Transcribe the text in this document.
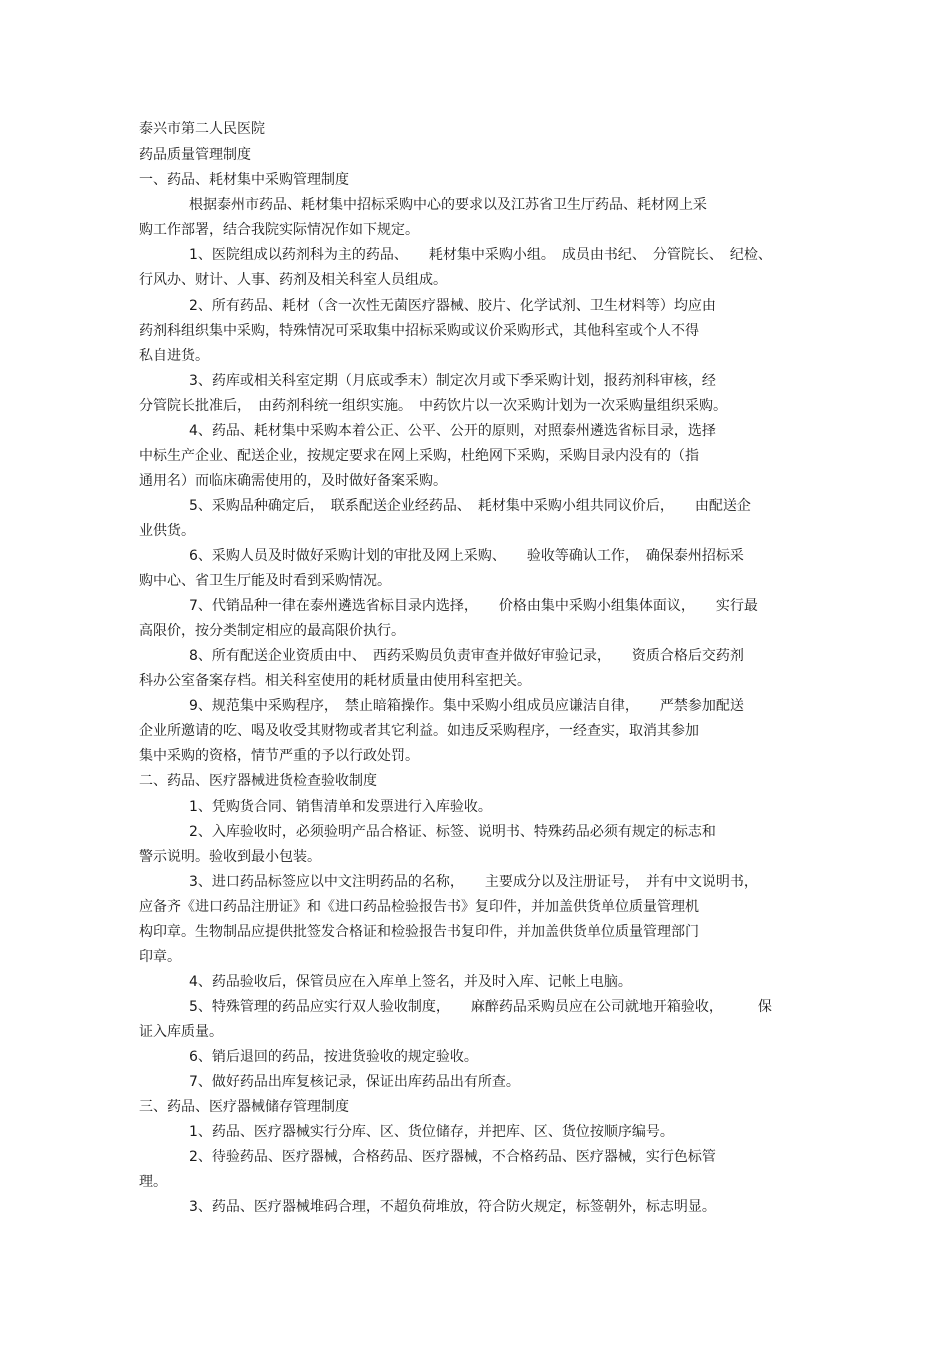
泰兴市第二人民医院
药品质量管理制度
一、药品、耗材集中采购管理制度
根据泰州市药品、耗材集中招标采购中心的要求以及江苏省卫生厅药品、耗材网上采
购工作部署，结合我院实际情况作如下规定。
1、医院组成以药剂科为主的药品、　　耗材集中采购小组。　成员由书纪、　分管院长、　纪检、
行风办、财计、人事、药剂及相关科室人员组成。
2、所有药品、耗材（含一次性无菌医疗器械、胶片、化学试剂、卫生材料等）均应由
药剂科组织集中采购，特殊情况可采取集中招标采购或议价采购形式，其他科室或个人不得
私自进货。
3、药库或相关科室定期（月底或季末）制定次月或下季采购计划，报药剂科审核，经
分管院长批准后，　由药剂科统一组织实施。　中药饮片以一次采购计划为一次采购量组织采购。
4、药品、耗材集中采购本着公正、公平、公开的原则，对照泰州遴选省标目录，选择
中标生产企业、配送企业，按规定要求在网上采购，杜绝网下采购，采购目录内没有的（指
通用名）而临床确需使用的，及时做好备案采购。
5、采购品种确定后，　联系配送企业经药品、　耗材集中采购小组共同议价后，　　由配送企
业供货。
6、采购人员及时做好采购计划的审批及网上采购、　　验收等确认工作，　确保泰州招标采
购中心、省卫生厅能及时看到采购情况。
7、代销品种一律在泰州遴选省标目录内选择，　　价格由集中采购小组集体面议，　　实行最
高限价，按分类制定相应的最高限价执行。
8、所有配送企业资质由中、　西药采购员负责审查并做好审验记录，　　资质合格后交药剂
科办公室备案存档。相关科室使用的耗材质量由使用科室把关。
9、规范集中采购程序，　禁止暗箱操作。集中采购小组成员应谦洁自律，　　严禁参加配送
企业所邀请的吃、喝及收受其财物或者其它利益。如违反采购程序，一经查实，取消其参加
集中采购的资格，情节严重的予以行政处罚。
二、药品、医疗器械进货检查验收制度
1、凭购货合同、销售清单和发票进行入库验收。
2、入库验收时，必须验明产品合格证、标签、说明书、特殊药品必须有规定的标志和
警示说明。验收到最小包装。
3、进口药品标签应以中文注明药品的名称，　　主要成分以及注册证号，　并有中文说明书，
应备齐《进口药品注册证》和《进口药品检验报告书》复印件，并加盖供货单位质量管理机
构印章。生物制品应提供批签发合格证和检验报告书复印件，并加盖供货单位质量管理部门
印章。
4、药品验收后，保管员应在入库单上签名，并及时入库、记帐上电脑。
5、特殊管理的药品应实行双人验收制度，　　麻醉药品采购员应在公司就地开箱验收，　　　保
证入库质量。
6、销后退回的药品，按进货验收的规定验收。
7、做好药品出库复核记录，保证出库药品出有所查。
三、药品、医疗器械储存管理制度
1、药品、医疗器械实行分库、区、货位储存，并把库、区、货位按顺序编号。
2、待验药品、医疗器械，合格药品、医疗器械，不合格药品、医疗器械，实行色标管
理。
3、药品、医疗器械堆码合理，不超负荷堆放，符合防火规定，标签朝外，标志明显。
